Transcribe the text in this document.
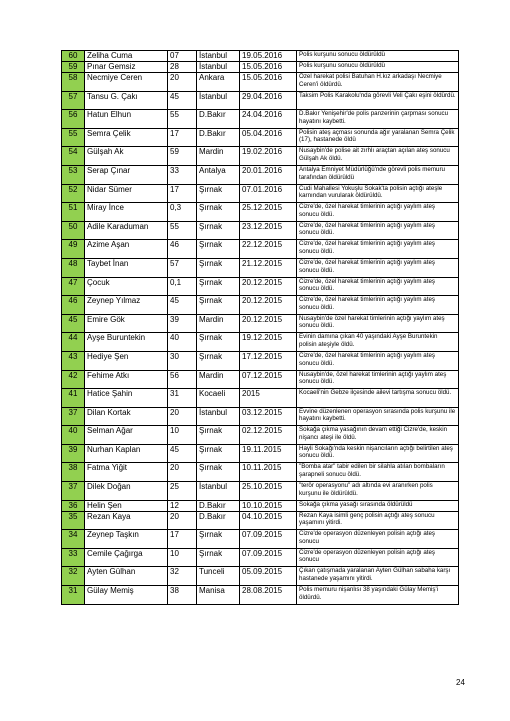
60	Zeliha Cuma	07	İstanbul	19.05.2016	Polis kurşunu sonucu öldürüldü
59	Pınar Gemsiz	28	İstanbul	15.05.2016	Polis kurşunu sonucu öldürüldü
58	Necmiye Ceren	20	Ankara	15.05.2016	Özel harekat polisi Batuhan H.kız arkadaşı Necmiye Ceren'i öldürdü.
57	Tansu G. Çakı	45	İstanbul	29.04.2016	Taksim Polis Karakolu'nda görevli Veli Çakı eşini öldürdü.
56	Hatun Elhun	55	D.Bakır	24.04.2016	D.Bakır Yenişehir'de polis panzerinin çarpması sonucu hayatını kaybetti.
55	Semra Çelik	17	D.Bakır	05.04.2016	Polisin ateş açması sonunda ağır yaralanan Semra Çelik (17), hastanede öldü
54	Gülşah Ak	59	Mardin	19.02.2016	Nusaybin'de polise ait zırhlı araçtan açılan ateş sonucu Gülşah Ak öldü.
53	Serap Çınar	33	Antalya	20.01.2016	Antalya Emniyet Müdürlüğü'nde görevli polis memuru tarafından öldürüldü
52	Nidar Sümer	17	Şırnak	07.01.2016	Cudi Mahallesi Yokuşlu Sokak'ta polisin açtığı ateşle karnından vurularak öldürüldü.
51	Miray İnce	0,3	Şırnak	25.12.2015	Cizre'de, özel harekat timlerinin açtığı yaylım ateş sonucu öldü.
50	Adile Karaduman	55	Şırnak	23.12.2015	Cizre'de, özel harekat timlerinin açtığı yaylım ateş sonucu öldü.
49	Azime Aşan	46	Şırnak	22.12.2015	Cizre'de, özel harekat timlerinin açtığı yaylım ateş sonucu öldü.
48	Taybet İnan	57	Şırnak	21.12.2015	Cizre'de, özel harekat timlerinin açtığı yaylım ateş sonucu öldü.
47	Çocuk	0,1	Şırnak	20.12.2015	Cizre'de, özel harekat timlerinin açtığı yaylım ateş sonucu öldü.
46	Zeynep Yılmaz	45	Şırnak	20.12.2015	Cizre'de, özel harekat timlerinin açtığı yaylım ateş sonucu öldü.
45	Emire Gök	39	Mardin	20.12.2015	Nusaybin'de özel harekat timlerinin açtığı yaylım ateş sonucu öldü.
44	Ayşe Buruntekin	40	Şırnak	19.12.2015	Evinin damına çıkan 40 yaşındaki Ayşe Buruntekin polisin ateşiyle öldü.
43	Hediye Şen	30	Şırnak	17.12.2015	Cizre'de, özel harekat timlerinin açtığı yaylım ateş sonucu öldü.
42	Fehime Atkı	56	Mardin	07.12.2015	Nusaybin'de, özel harekat timlerinin açtığı yaylım ateş sonucu öldü.
41	Hatice Şahin	31	Kocaeli	2015	Kocaeli'nin Gebze ilçesinde ailevi tartışma sonucu öldü.
37	Dilan Kortak	20	İstanbul	03.12.2015	Evvine düzenlenen operasyon sırasında polis kurşunu ile hayatını kaybetti.
40	Selman Ağar	10	Şırnak	02.12.2015	Sokağa çıkma yasağının devam ettiği Cizre'de, keskin nişancı ateşi ile öldü.
39	Nurhan Kaplan	45	Şırnak	19.11.2015	Hayli Sokağı'nda keskin nişancıların açtığı belirtilen ateş sonucu öldü.
38	Fatma Yiğit	20	Şırnak	10.11.2015	"Bomba atar" tabir edilen bir silahla atılan bombaların şarapneli sonucu öldü.
37	Dilek Doğan	25	İstanbul	25.10.2015	"terör operasyonu" adı altında evi aranırken polis kurşunu ile öldürüldü.
36	Helin Şen	12	D.Bakır	10.10.2015	Sokağa çıkma yasağı sırasında öldürüldü
35	Rezan Kaya	20	D.Bakır	04.10.2015	Rezan Kaya isimli genç polisin açtığı ateş sonucu yaşamını yitirdi.
34	Zeynep Taşkın	17	Şırnak	07.09.2015	Cizre'de operasyon düzenleyen polisin açtığı ateş sonucu
33	Cemile Çağırga	10	Şırnak	07.09.2015	Cizre'de operasyon düzenleyen polisin açtığı ateş sonucu
32	Ayten Gülhan	32	Tunceli	05.09.2015	Çıkan çatışmada yaralanan Ayten Gülhan sabaha karşı hastanede yaşamını yitirdi.
31	Gülay Memiş	38	Manisa	28.08.2015	Polis memuru nişanlısı 38 yaşındaki Gülay Memiş'i öldürdü.
24
